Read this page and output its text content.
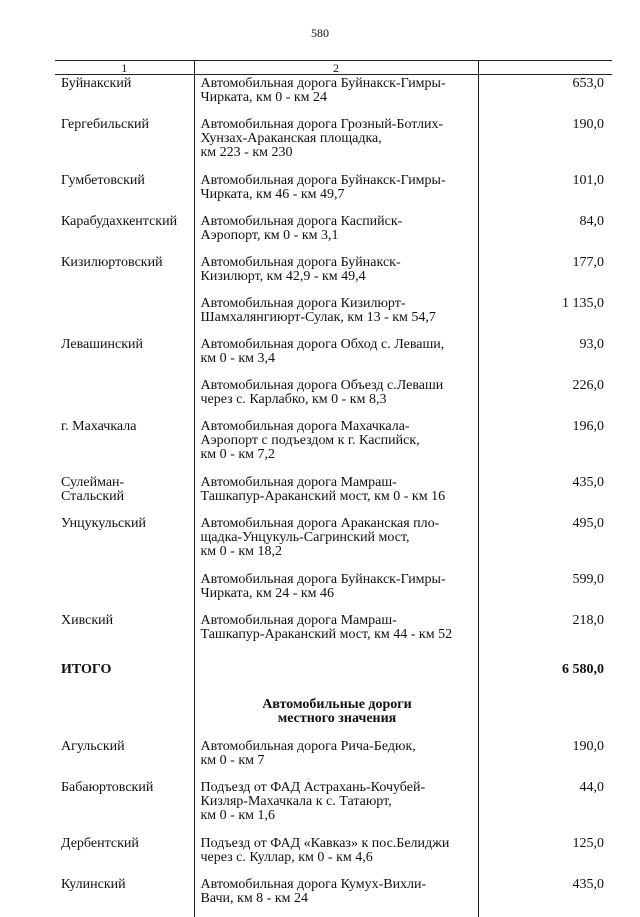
580
1	2	
Буйнакский	Автомобильная дорога Буйнакск-Гимры-
Чирката, км 0 - км 24	653,0
Гергебильский	Автомобильная дорога Грозный-Ботлих-
Хунзах-Араканская площадка,
км 223 - км 230	190,0
Гумбетовский	Автомобильная дорога Буйнакск-Гимры-
Чирката, км 46 - км 49,7	101,0
Карабудахкентский	Автомобильная дорога Каспийск-
Аэропорт, км 0 - км 3,1	84,0
Кизилюртовский	Автомобильная дорога Буйнакск-
Кизилюрт, км 42,9 - км 49,4	177,0

	Автомобильная дорога Кизилюрт-
Шамхалянгиюрт-Сулак, км 13 - км 54,7	1 135,0
Левашинский	Автомобильная дорога Обход с. Леваши,
км 0 - км 3,4	93,0

	Автомобильная дорога Объезд с.Леваши
через с. Карлабко, км 0 - км 8,3	226,0
г. Махачкала	Автомобильная дорога Махачкала-
Аэропорт с подъездом к г. Каспийск,
км 0 - км 7,2	196,0

Сулейман-
Стальский	Автомобильная дорога Мамраш-
Ташкапур-Араканский мост, км 0 - км 16	435,0
Унцукульский	Автомобильная дорога Араканская пло-
щадка-Унцукуль-Сагринский мост,
км 0 - км 18,2	495,0

	Автомобильная дорога Буйнакск-Гимры-
Чирката, км 24 - км 46	599,0
Хивский	Автомобильная дорога Мамраш-
Ташкапур-Араканский мост, км 44 - км 52	218,0
ИТОГО		6 580,0

	Автомобильные дороги
местного значения	

Агульский	Автомобильная дорога Рича-Бедюк,
км 0 - км 7	190,0
Бабаюртовский	Подъезд от ФАД Астрахань-Кочубей-
Кизляр-Махачкала к с. Татаюрт,
км 0 - км 1,6	44,0
Дербентский	Подъезд от ФАД «Кавказ» к пос.Белиджи
через с. Куллар, км 0 - км 4,6	125,0
Кулинский	Автомобильная дорога Кумух-Вихли-
Вачи, км 8 - км 24	435,0
